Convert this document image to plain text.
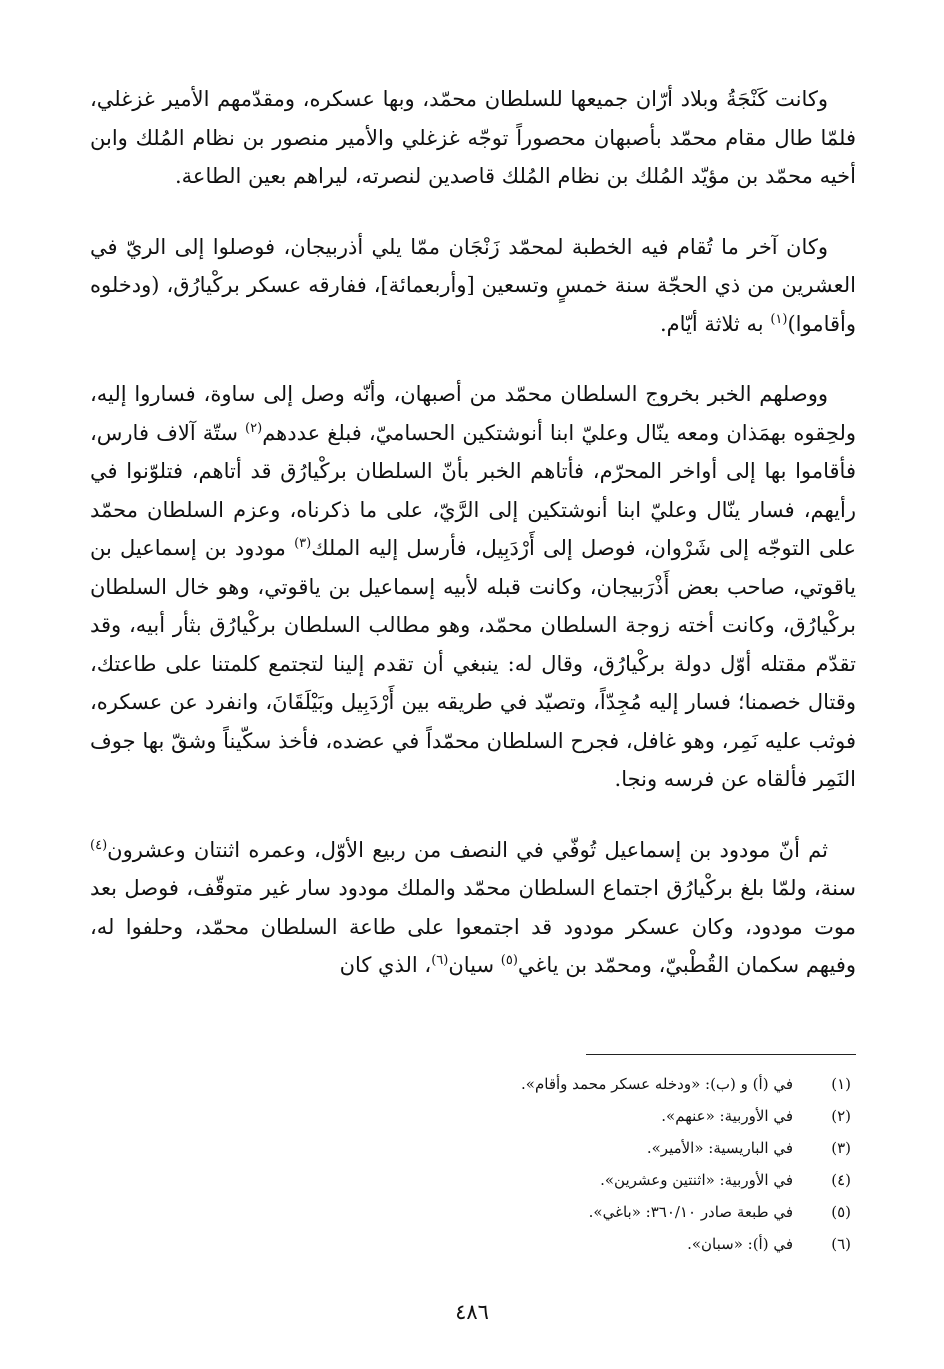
وكانت كَنْجَةُ وبلاد أرّان جميعها للسلطان محمّد، وبها عسكره، ومقدّمهم الأمير غزغلي، فلمّا طال مقام محمّد بأصبهان محصوراً توجّه غزغلي والأمير منصور بن نظام المُلك وابن أخيه محمّد بن مؤيّد المُلك بن نظام المُلك قاصدين لنصرته، ليراهم بعين الطاعة.

وكان آخر ما تُقام فيه الخطبة لمحمّد زَنْجَان ممّا يلي أذربيجان، فوصلوا إلى الريّ في العشرين من ذي الحجّة سنة خمسٍ وتسعين [وأربعمائة]، ففارقه عسكر بركْيارُق، (ودخلوه وأقاموا)$^{(١)}$ به ثلاثة أيّام.

ووصلهم الخبر بخروج السلطان محمّد من أصبهان، وأنّه وصل إلى ساوة، فساروا إليه، ولحِقوه بهمَذان ومعه ينّال وعليّ ابنا أنوشتكين الحساميّ، فبلغ عددهم$^{(٢)}$ ستّة آلاف فارس، فأقاموا بها إلى أواخر المحرّم، فأتاهم الخبر بأنّ السلطان بركْيارُق قد أتاهم، فتلوّنوا في رأيهم، فسار ينّال وعليّ ابنا أنوشتكين إلى الرَّيّ، على ما ذكرناه، وعزم السلطان محمّد على التوجّه إلى شَرْوان، فوصل إلى أَرْدَبِيل، فأرسل إليه الملك$^{(٣)}$ مودود بن إسماعيل بن ياقوتي، صاحب بعض أَذْرَبيجان، وكانت قبله لأبيه إسماعيل بن ياقوتي، وهو خال السلطان بركْيارُق، وكانت أخته زوجة السلطان محمّد، وهو مطالب السلطان بركْيارُق بثأر أبيه، وقد تقدّم مقتله أوّل دولة بركْيارُق، وقال له: ينبغي أن تقدم إلينا لتجتمع كلمتنا على طاعتك، وقتال خصمنا؛ فسار إليه مُجِدّاً، وتصيّد في طريقه بين أَرْدَبِيل وبَيْلَقَانَ، وانفرد عن عسكره، فوثب عليه نَمِر، وهو غافل، فجرح السلطان محمّداً في عضده، فأخذ سكّيناً وشقّ بها جوف النَمِر فألقاه عن فرسه ونجا.

ثم أنّ مودود بن إسماعيل تُوفّي في النصف من ربيع الأوّل، وعمره اثنتان وعشرون$^{(٤)}$ سنة، ولمّا بلغ بركْيارُق اجتماع السلطان محمّد والملك مودود سار غير متوقّف، فوصل بعد موت مودود، وكان عسكر مودود قد اجتمعوا على طاعة السلطان محمّد، وحلفوا له، وفيهم سكمان القُطْبيّ، ومحمّد بن ياغي$^{(٥)}$ سيان$^{(٦)}$، الذي كان

(١)
في (أ) و (ب): «ودخله عسكر محمد وأقام».
(٢)
في الأوربية: «عنهم».
(٣)
في الباريسية: «الأمير».
(٤)
في الأوربية: «اثنتين وعشرين».
(٥)
في طبعة صادر ٣٦٠/١٠: «باغي».
(٦)
في (أ): «سبان».
٤٨٦
